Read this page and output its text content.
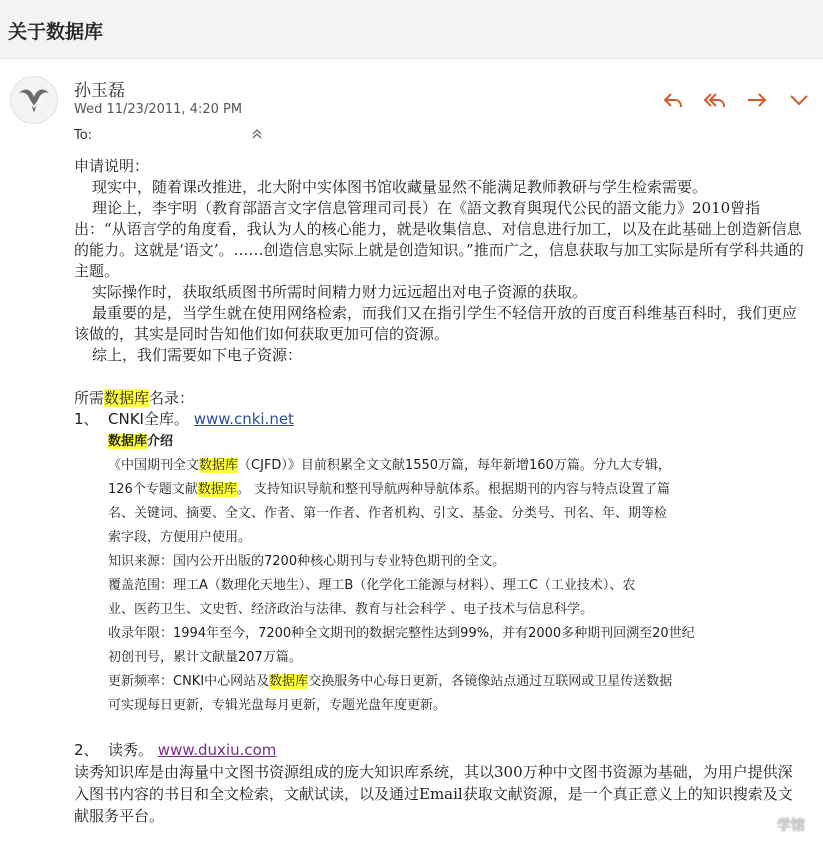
关于数据库
孙玉磊
Wed 11/23/2011, 4:20 PM
To:

申请说明：

现实中，随着课改推进，北大附中实体图书馆收藏量显然不能满足教师教研与学生检索需要。

理论上，李宇明（教育部語言文字信息管理司司長）在《語文教育與現代公民的語文能力》2010曾指出：“从语言学的角度看，我认为人的核心能力，就是收集信息、对信息进行加工，以及在此基础上创造新信息的能力。这就是‘语文’。……创造信息实际上就是创造知识。”推而广之，信息获取与加工实际是所有学科共通的主题。

实际操作时，获取纸质图书所需时间精力财力远远超出对电子资源的获取。

最重要的是，当学生就在使用网络检索，而我们又在指引学生不轻信开放的百度百科维基百科时，我们更应该做的，其实是同时告知他们如何获取更加可信的资源。

综上，我们需要如下电子资源：

所需数据库名录：

1、 CNKI全库。 www.cnki.net

数据库介绍

《中国期刊全文数据库（CJFD）》目前积累全文文献1550万篇，每年新增160万篇。分九大专辑，

126个专题文献数据库。 支持知识导航和整刊导航两种导航体系。根据期刊的内容与特点设置了篇

名、关键词、摘要、全文、作者、第一作者、作者机构、引文、基金、分类号、刊名、年、期等检

索字段，方便用户使用。

知识来源：国内公开出版的7200种核心期刊与专业特色期刊的全文。

覆盖范围：理工A（数理化天地生）、理工B（化学化工能源与材料）、理工C（工业技术）、农

业、医药卫生、文史哲、经济政治与法律、教育与社会科学 、电子技术与信息科学。

收录年限：1994年至今，7200种全文期刊的数据完整性达到99%，并有2000多种期刊回溯至20世纪

初创刊号，累计文献量207万篇。

更新频率：CNKI中心网站及数据库交换服务中心每日更新，各镜像站点通过互联网或卫星传送数据

可实现每日更新，专辑光盘每月更新，专题光盘年度更新。

2、 读秀。 www.duxiu.com

读秀知识库是由海量中文图书资源组成的庞大知识库系统，其以300万种中文图书资源为基础，为用户提供深入图书内容的书目和全文检索，文献试读，以及通过Email获取文献资源，是一个真正意义上的知识搜索及文献服务平台。

学馆
